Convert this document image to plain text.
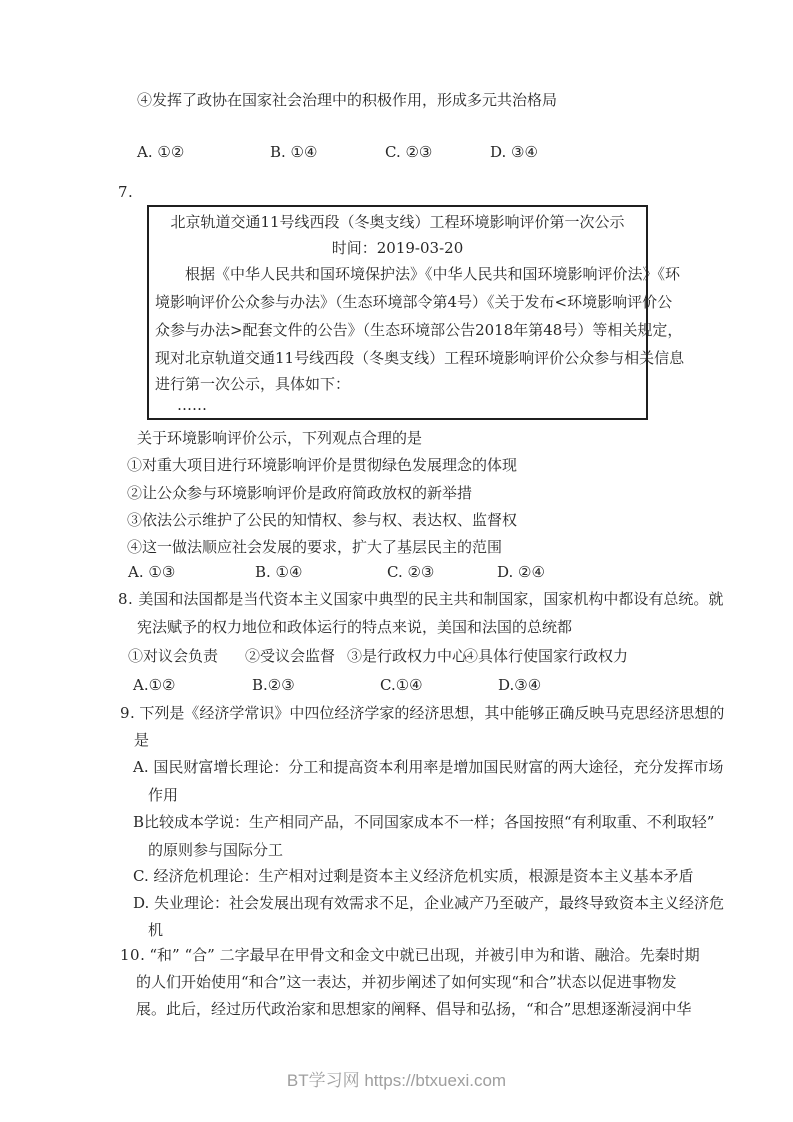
④发挥了政协在国家社会治理中的积极作用，形成多元共治格局
A. ①②	B. ①④	C. ②③	D. ③④
7.
北京轨道交通11号线西段（冬奥支线）工程环境影响评价第一次公示
时间：2019-03-20
根据《中华人民共和国环境保护法》《中华人民共和国环境影响评价法》《环
境影响评价公众参与办法》（生态环境部令第4号）《关于发布<环境影响评价公
众参与办法>配套文件的公告》（生态环境部公告2018年第48号）等相关规定，
现对北京轨道交通11号线西段（冬奥支线）工程环境影响评价公众参与相关信息
进行第一次公示，具体如下：
……
关于环境影响评价公示，下列观点合理的是
①对重大项目进行环境影响评价是贯彻绿色发展理念的体现
②让公众参与环境影响评价是政府简政放权的新举措
③依法公示维护了公民的知情权、参与权、表达权、监督权
④这一做法顺应社会发展的要求，扩大了基层民主的范围
A. ①③	B. ①④	C. ②③	D. ②④
8. 美国和法国都是当代资本主义国家中典型的民主共和制国家，国家机构中都设有总统。就
宪法赋予的权力地位和政体运行的特点来说，美国和法国的总统都
①对议会负责 ②受议会监督 ③是行政权力中心
④具体行使国家行政权力
A.①②	B.②③	C.①④	D.③④
9. 下列是《经济学常识》中四位经济学家的经济思想，其中能够正确反映马克思经济思想的
是
A. 国民财富增长理论：分工和提高资本利用率是增加国民财富的两大途径，充分发挥市场
作用
B比较成本学说：生产相同产品，不同国家成本不一样；各国按照“有利取重、不利取轻”
的原则参与国际分工
C. 经济危机理论：生产相对过剩是资本主义经济危机实质，根源是资本主义基本矛盾
D. 失业理论：社会发展出现有效需求不足，企业减产乃至破产，最终导致资本主义经济危
机
10. “和” “合” 二字最早在甲骨文和金文中就已出现，并被引申为和谐、融洽。先秦时期
的人们开始使用“和合”这一表达，并初步阐述了如何实现“和合”状态以促进事物发
展。此后，经过历代政治家和思想家的阐释、倡导和弘扬，“和合”思想逐渐浸润中华
BT学习网 https://btxuexi.com
